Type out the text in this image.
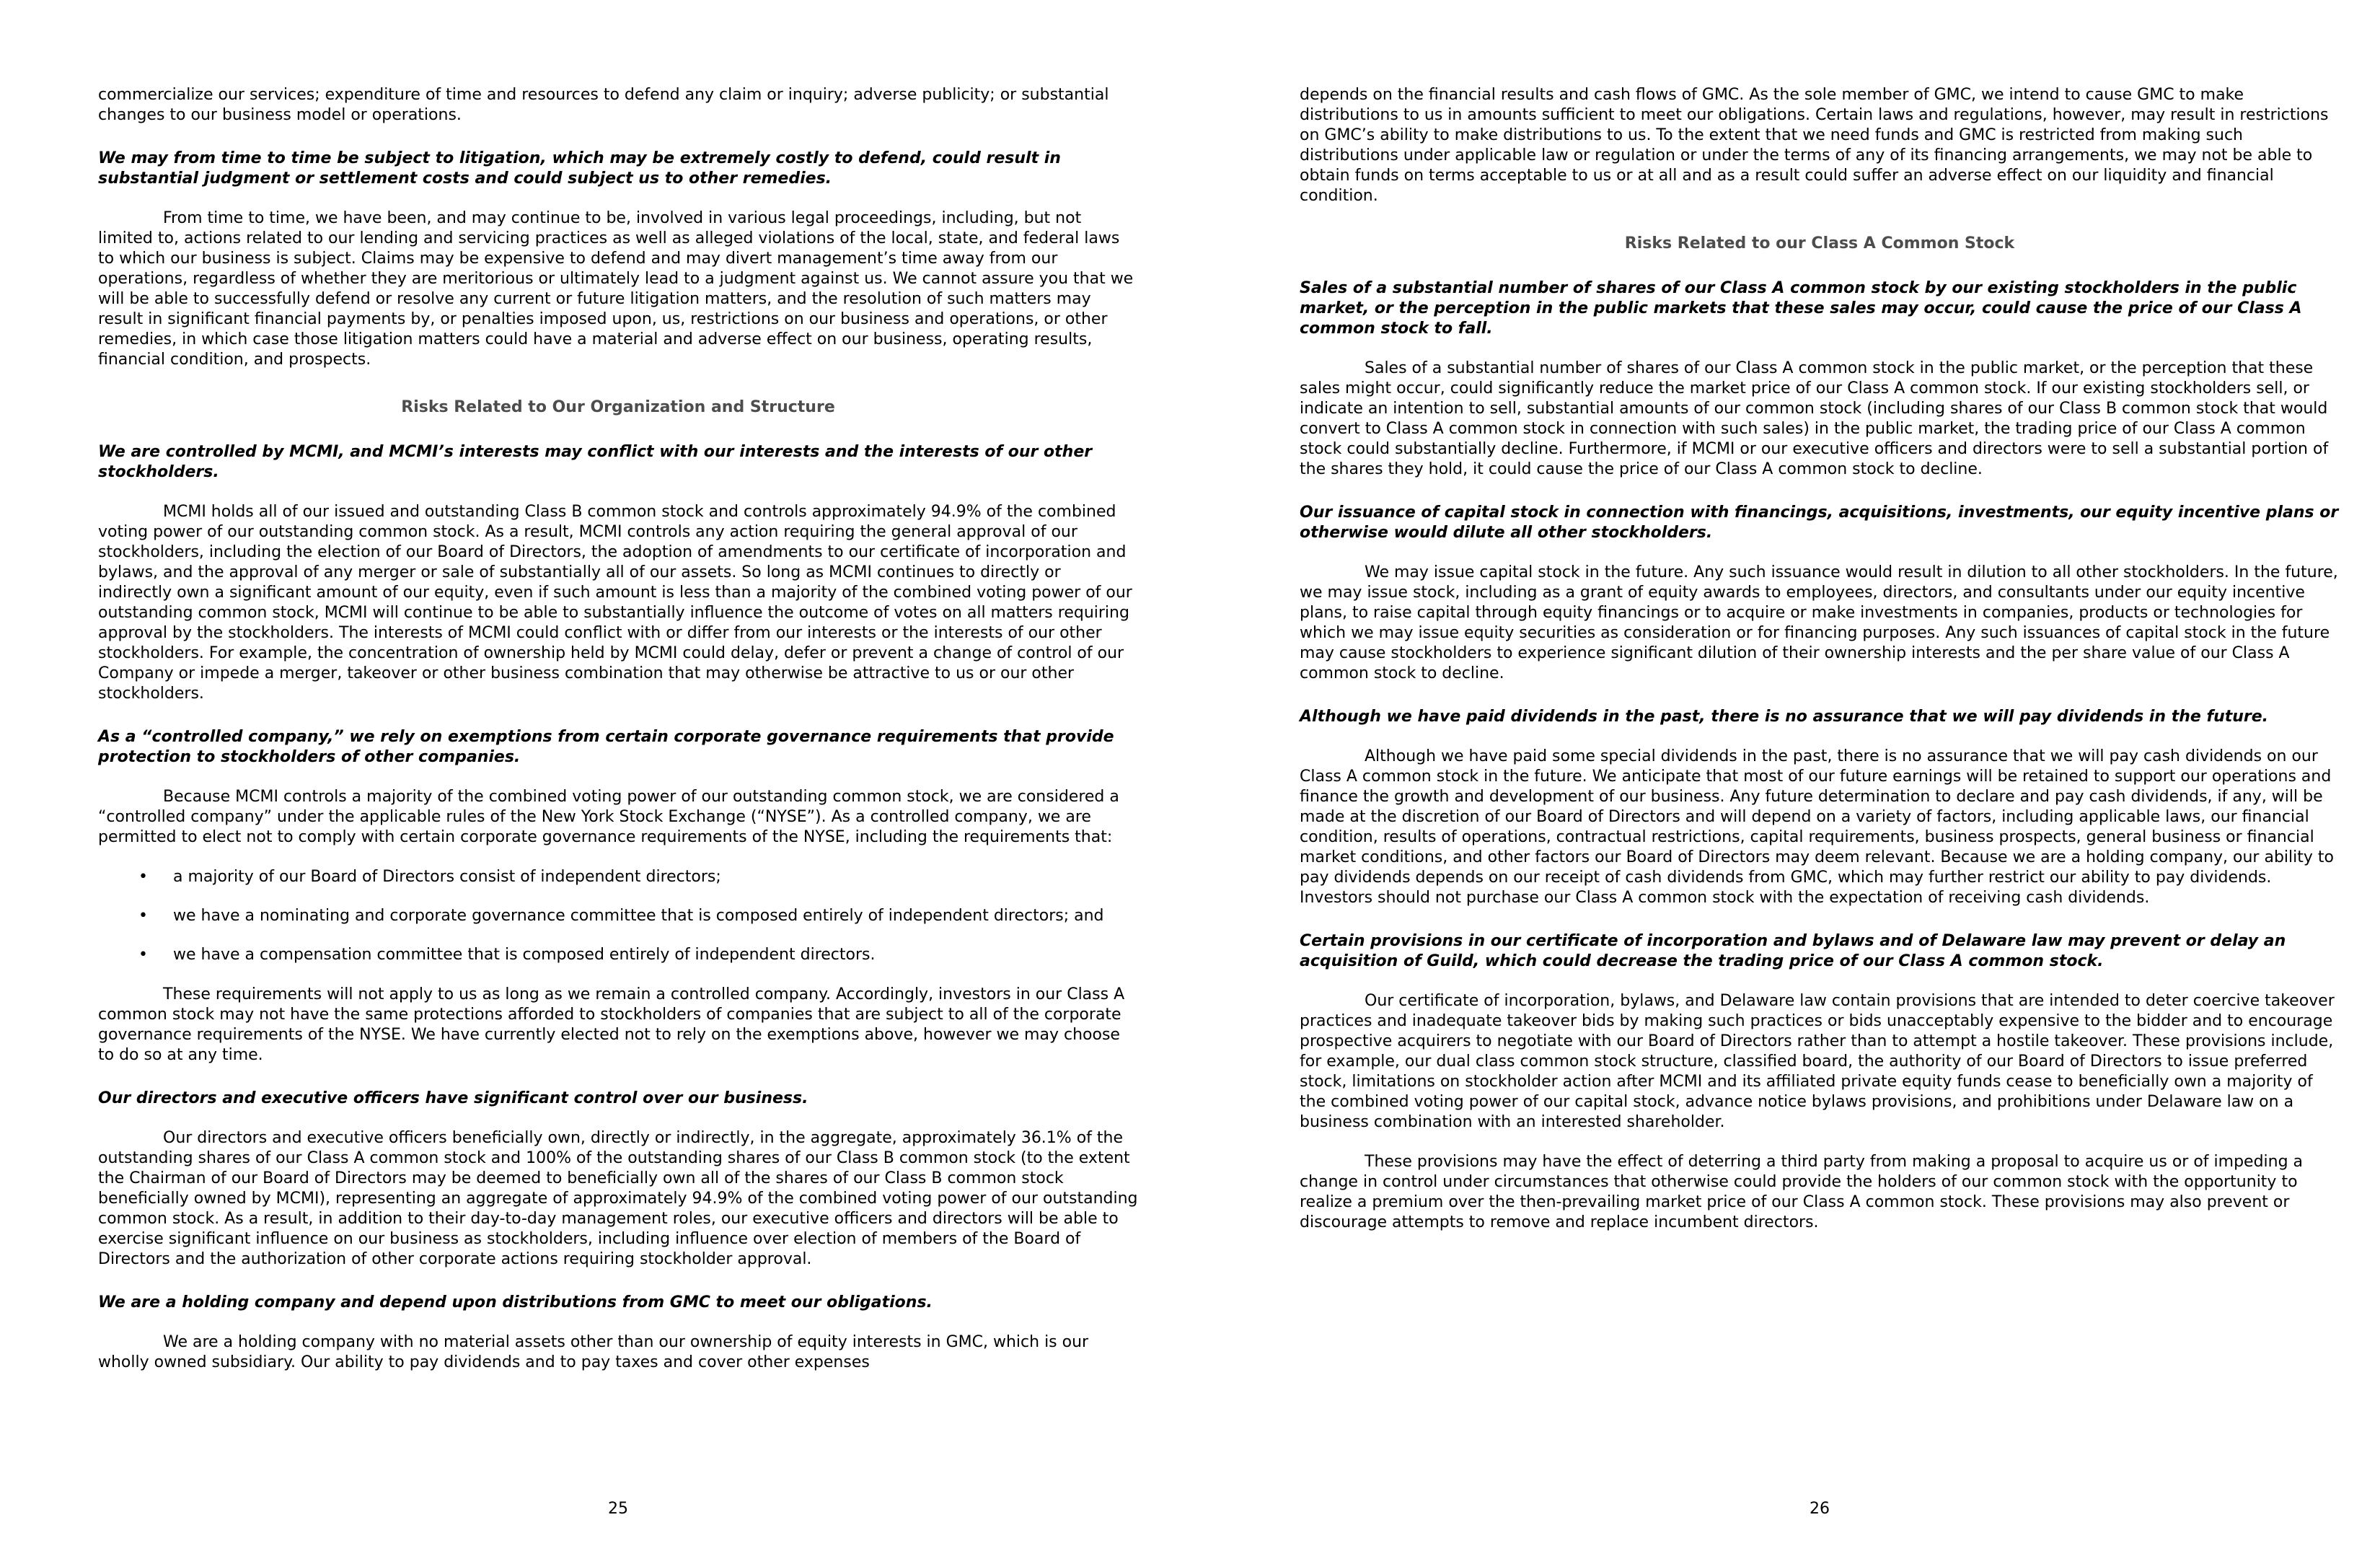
commercialize our services; expenditure of time and resources to defend any claim or inquiry; adverse publicity; or substantial changes to our business model or operations.

We may from time to time be subject to litigation, which may be extremely costly to defend, could result in substantial judgment or settlement costs and could subject us to other remedies.

From time to time, we have been, and may continue to be, involved in various legal proceedings, including, but not limited to, actions related to our lending and servicing practices as well as alleged violations of the local, state, and federal laws to which our business is subject. Claims may be expensive to defend and may divert management’s time away from our operations, regardless of whether they are meritorious or ultimately lead to a judgment against us. We cannot assure you that we will be able to successfully defend or resolve any current or future litigation matters, and the resolution of such matters may result in significant financial payments by, or penalties imposed upon, us, restrictions on our business and operations, or other remedies, in which case those litigation matters could have a material and adverse effect on our business, operating results, financial condition, and prospects.

Risks Related to Our Organization and Structure

We are controlled by MCMI, and MCMI’s interests may conflict with our interests and the interests of our other stockholders.

MCMI holds all of our issued and outstanding Class B common stock and controls approximately 94.9% of the combined voting power of our outstanding common stock. As a result, MCMI controls any action requiring the general approval of our stockholders, including the election of our Board of Directors, the adoption of amendments to our certificate of incorporation and bylaws, and the approval of any merger or sale of substantially all of our assets. So long as MCMI continues to directly or indirectly own a significant amount of our equity, even if such amount is less than a majority of the combined voting power of our outstanding common stock, MCMI will continue to be able to substantially influence the outcome of votes on all matters requiring approval by the stockholders. The interests of MCMI could conflict with or differ from our interests or the interests of our other stockholders. For example, the concentration of ownership held by MCMI could delay, defer or prevent a change of control of our Company or impede a merger, takeover or other business combination that may otherwise be attractive to us or our other stockholders.

As a “controlled company,” we rely on exemptions from certain corporate governance requirements that provide protection to stockholders of other companies.

Because MCMI controls a majority of the combined voting power of our outstanding common stock, we are considered a “controlled company” under the applicable rules of the New York Stock Exchange (“NYSE”). As a controlled company, we are permitted to elect not to comply with certain corporate governance requirements of the NYSE, including the requirements that:

• a majority of our Board of Directors consist of independent directors;
• we have a nominating and corporate governance committee that is composed entirely of independent directors; and
• we have a compensation committee that is composed entirely of independent directors.

These requirements will not apply to us as long as we remain a controlled company. Accordingly, investors in our Class A common stock may not have the same protections afforded to stockholders of companies that are subject to all of the corporate governance requirements of the NYSE. We have currently elected not to rely on the exemptions above, however we may choose to do so at any time.

Our directors and executive officers have significant control over our business.

Our directors and executive officers beneficially own, directly or indirectly, in the aggregate, approximately 36.1% of the outstanding shares of our Class A common stock and 100% of the outstanding shares of our Class B common stock (to the extent the Chairman of our Board of Directors may be deemed to beneficially own all of the shares of our Class B common stock beneficially owned by MCMI), representing an aggregate of approximately 94.9% of the combined voting power of our outstanding common stock. As a result, in addition to their day-to-day management roles, our executive officers and directors will be able to exercise significant influence on our business as stockholders, including influence over election of members of the Board of Directors and the authorization of other corporate actions requiring stockholder approval.

We are a holding company and depend upon distributions from GMC to meet our obligations.

We are a holding company with no material assets other than our ownership of equity interests in GMC, which is our wholly owned subsidiary. Our ability to pay dividends and to pay taxes and cover other expenses

25

depends on the financial results and cash flows of GMC. As the sole member of GMC, we intend to cause GMC to make distributions to us in amounts sufficient to meet our obligations. Certain laws and regulations, however, may result in restrictions on GMC’s ability to make distributions to us. To the extent that we need funds and GMC is restricted from making such distributions under applicable law or regulation or under the terms of any of its financing arrangements, we may not be able to obtain funds on terms acceptable to us or at all and as a result could suffer an adverse effect on our liquidity and financial condition.

Risks Related to our Class A Common Stock

Sales of a substantial number of shares of our Class A common stock by our existing stockholders in the public market, or the perception in the public markets that these sales may occur, could cause the price of our Class A common stock to fall.

Sales of a substantial number of shares of our Class A common stock in the public market, or the perception that these sales might occur, could significantly reduce the market price of our Class A common stock. If our existing stockholders sell, or indicate an intention to sell, substantial amounts of our common stock (including shares of our Class B common stock that would convert to Class A common stock in connection with such sales) in the public market, the trading price of our Class A common stock could substantially decline. Furthermore, if MCMI or our executive officers and directors were to sell a substantial portion of the shares they hold, it could cause the price of our Class A common stock to decline.

Our issuance of capital stock in connection with financings, acquisitions, investments, our equity incentive plans or otherwise would dilute all other stockholders.

We may issue capital stock in the future. Any such issuance would result in dilution to all other stockholders. In the future, we may issue stock, including as a grant of equity awards to employees, directors, and consultants under our equity incentive plans, to raise capital through equity financings or to acquire or make investments in companies, products or technologies for which we may issue equity securities as consideration or for financing purposes. Any such issuances of capital stock in the future may cause stockholders to experience significant dilution of their ownership interests and the per share value of our Class A common stock to decline.

Although we have paid dividends in the past, there is no assurance that we will pay dividends in the future.

Although we have paid some special dividends in the past, there is no assurance that we will pay cash dividends on our Class A common stock in the future. We anticipate that most of our future earnings will be retained to support our operations and finance the growth and development of our business. Any future determination to declare and pay cash dividends, if any, will be made at the discretion of our Board of Directors and will depend on a variety of factors, including applicable laws, our financial condition, results of operations, contractual restrictions, capital requirements, business prospects, general business or financial market conditions, and other factors our Board of Directors may deem relevant. Because we are a holding company, our ability to pay dividends depends on our receipt of cash dividends from GMC, which may further restrict our ability to pay dividends. Investors should not purchase our Class A common stock with the expectation of receiving cash dividends.

Certain provisions in our certificate of incorporation and bylaws and of Delaware law may prevent or delay an acquisition of Guild, which could decrease the trading price of our Class A common stock.

Our certificate of incorporation, bylaws, and Delaware law contain provisions that are intended to deter coercive takeover practices and inadequate takeover bids by making such practices or bids unacceptably expensive to the bidder and to encourage prospective acquirers to negotiate with our Board of Directors rather than to attempt a hostile takeover. These provisions include, for example, our dual class common stock structure, classified board, the authority of our Board of Directors to issue preferred stock, limitations on stockholder action after MCMI and its affiliated private equity funds cease to beneficially own a majority of the combined voting power of our capital stock, advance notice bylaws provisions, and prohibitions under Delaware law on a business combination with an interested shareholder.

These provisions may have the effect of deterring a third party from making a proposal to acquire us or of impeding a change in control under circumstances that otherwise could provide the holders of our common stock with the opportunity to realize a premium over the then-prevailing market price of our Class A common stock. These provisions may also prevent or discourage attempts to remove and replace incumbent directors.

26
